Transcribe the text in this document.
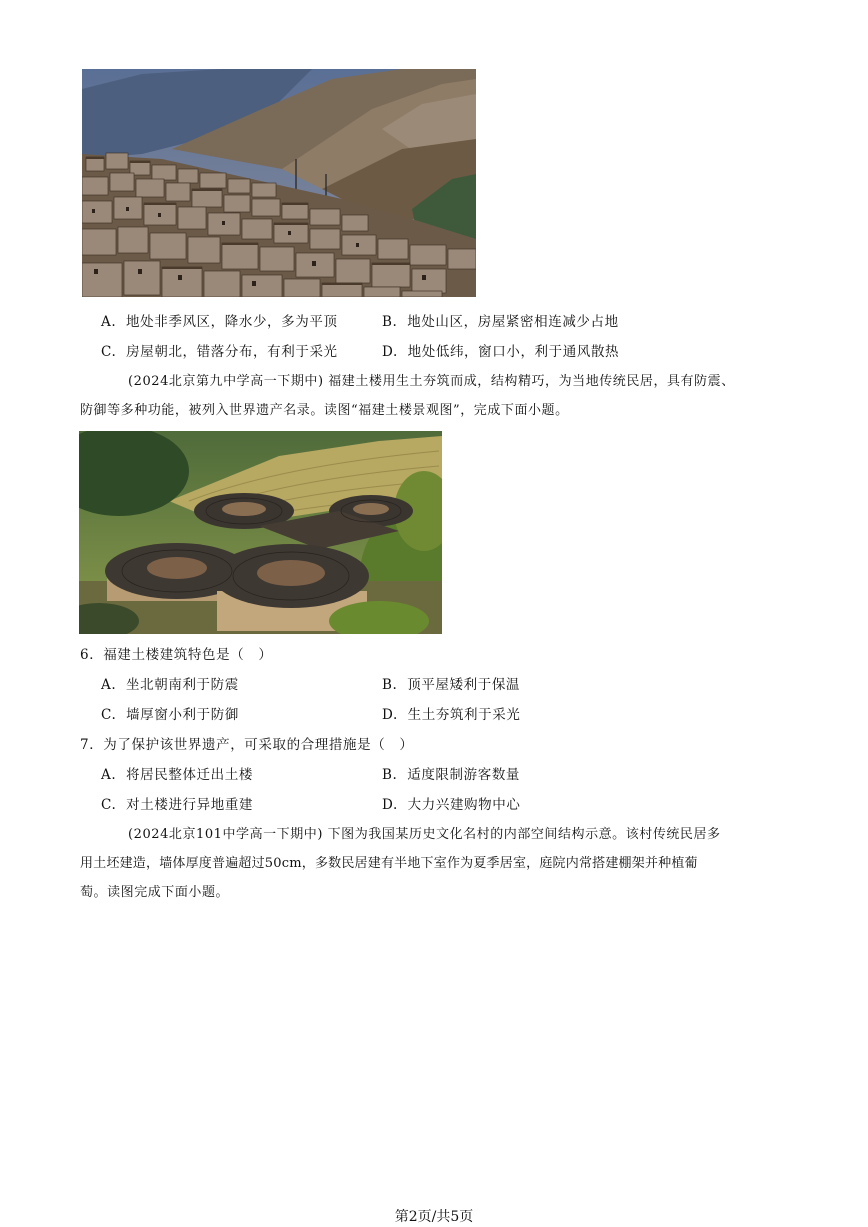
A. 地处非季风区，降水少，多为平顶	B. 地处山区，房屋紧密相连减少占地
C. 房屋朝北，错落分布，有利于采光	D. 地处低纬，窗口小，利于通风散热
(2024北京第九中学高一下期中) 福建土楼用生土夯筑而成，结构精巧，为当地传统民居，具有防震、
防御等多种功能，被列入世界遗产名录。读图“福建土楼景观图”，完成下面小题。
6．福建土楼建筑特色是（　）
A. 坐北朝南利于防震	B. 顶平屋矮利于保温
C. 墙厚窗小利于防御	D. 生土夯筑利于采光
7．为了保护该世界遗产，可采取的合理措施是（　）
A. 将居民整体迁出土楼	B. 适度限制游客数量
C. 对土楼进行异地重建	D. 大力兴建购物中心
(2024北京101中学高一下期中) 下图为我国某历史文化名村的内部空间结构示意。该村传统民居多
用土坯建造，墙体厚度普遍超过50cm，多数民居建有半地下室作为夏季居室，庭院内常搭建棚架并种植葡
萄。读图完成下面小题。
第2页/共5页
